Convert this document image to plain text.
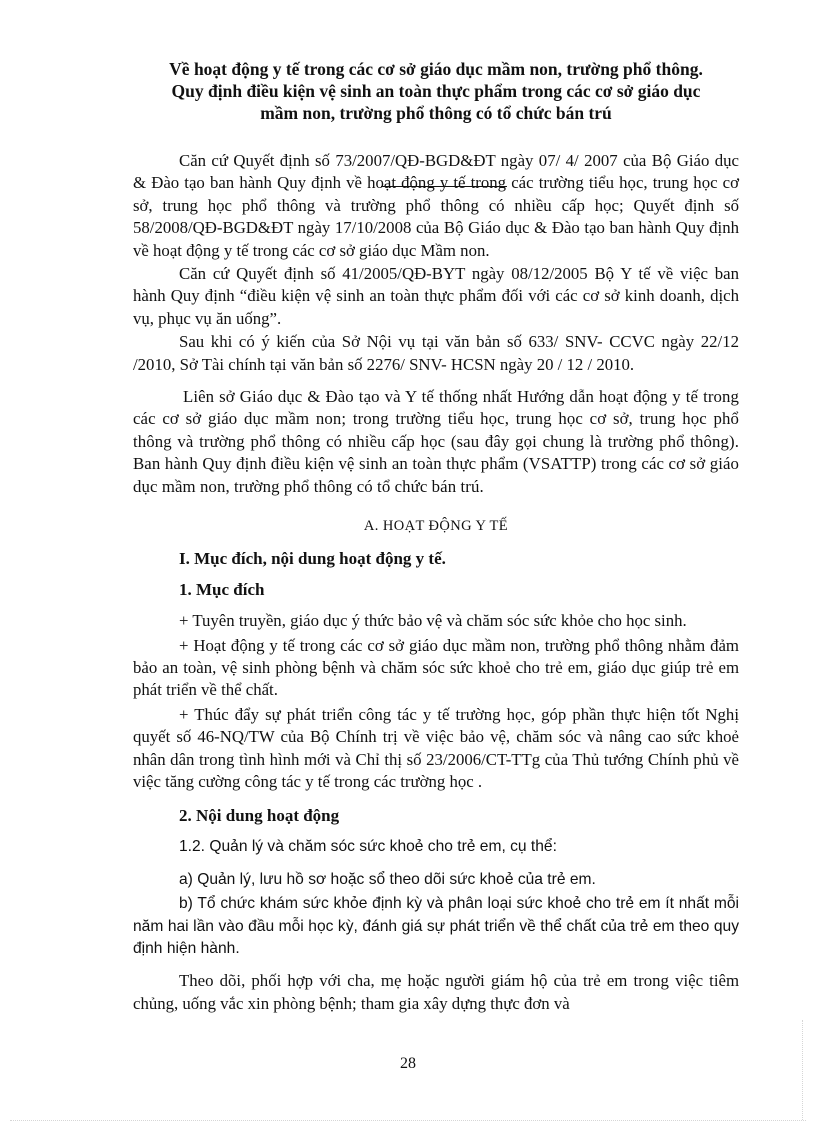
Về hoạt động y tế trong các cơ sở giáo dục mầm non, trường phổ thông.
Quy định điều kiện vệ sinh an toàn thực phẩm trong các cơ sở giáo dục
mầm non, trường phổ thông có tổ chức bán trú

Căn cứ Quyết định số 73/2007/QĐ-BGD&ĐT ngày 07/ 4/ 2007 của Bộ Giáo dục & Đào tạo ban hành Quy định về hoạt động y tế trong các trường tiểu học, trung học cơ sở, trung học phổ thông và trường phổ thông có nhiều cấp học; Quyết định số 58/2008/QĐ-BGD&ĐT ngày 17/10/2008 của Bộ Giáo dục & Đào tạo ban hành Quy định về hoạt động y tế trong các cơ sở giáo dục Mầm non.

Căn cứ Quyết định số 41/2005/QĐ-BYT ngày 08/12/2005 Bộ Y tế về việc ban hành Quy định “điều kiện vệ sinh an toàn thực phẩm đối với các cơ sở kinh doanh, dịch vụ, phục vụ ăn uống”.

Sau khi có ý kiến của Sở Nội vụ tại văn bản số 633/ SNV- CCVC ngày 22/12 /2010, Sở Tài chính tại văn bản số 2276/ SNV- HCSN ngày 20 / 12 / 2010.

Liên sở Giáo dục & Đào tạo và Y tế thống nhất Hướng dẫn hoạt động y tế trong các cơ sở giáo dục mầm non; trong trường tiểu học, trung học cơ sở, trung học phổ thông và trường phổ thông có nhiều cấp học (sau đây gọi chung là trường phổ thông). Ban hành Quy định điều kiện vệ sinh an toàn thực phẩm (VSATTP) trong các cơ sở giáo dục mầm non, trường phổ thông có tổ chức bán trú.

A. HOẠT ĐỘNG Y TẾ

I. Mục đích, nội dung hoạt động y tế.

1. Mục đích

+ Tuyên truyền, giáo dục ý thức bảo vệ và chăm sóc sức khỏe cho học sinh.

+ Hoạt động y tế trong các cơ sở giáo dục mầm non, trường phổ thông nhằm đảm bảo an toàn, vệ sinh phòng bệnh và chăm sóc sức khoẻ cho trẻ em, giáo dục giúp trẻ em phát triển về thể chất.

+ Thúc đẩy sự phát triển công tác y tế trường học, góp phần thực hiện tốt Nghị quyết số 46-NQ/TW của Bộ Chính trị về việc bảo vệ, chăm sóc và nâng cao sức khoẻ nhân dân trong tình hình mới và Chỉ thị số 23/2006/CT-TTg của Thủ tướng Chính phủ về việc tăng cường công tác y tế trong các trường học .

2. Nội dung hoạt động

1.2. Quản lý và chăm sóc sức khoẻ cho trẻ em, cụ thể:

a) Quản lý, lưu hồ sơ hoặc sổ theo dõi sức khoẻ của trẻ em.

b) Tổ chức khám sức khỏe định kỳ và phân loại sức khoẻ cho trẻ em ít nhất mỗi năm hai lần vào đầu mỗi học kỳ, đánh giá sự phát triển về thể chất của trẻ em theo quy định hiện hành.

Theo dõi, phối hợp với cha, mẹ hoặc người giám hộ của trẻ em trong việc tiêm chủng, uống vắc xin phòng bệnh; tham gia xây dựng thực đơn và

28
